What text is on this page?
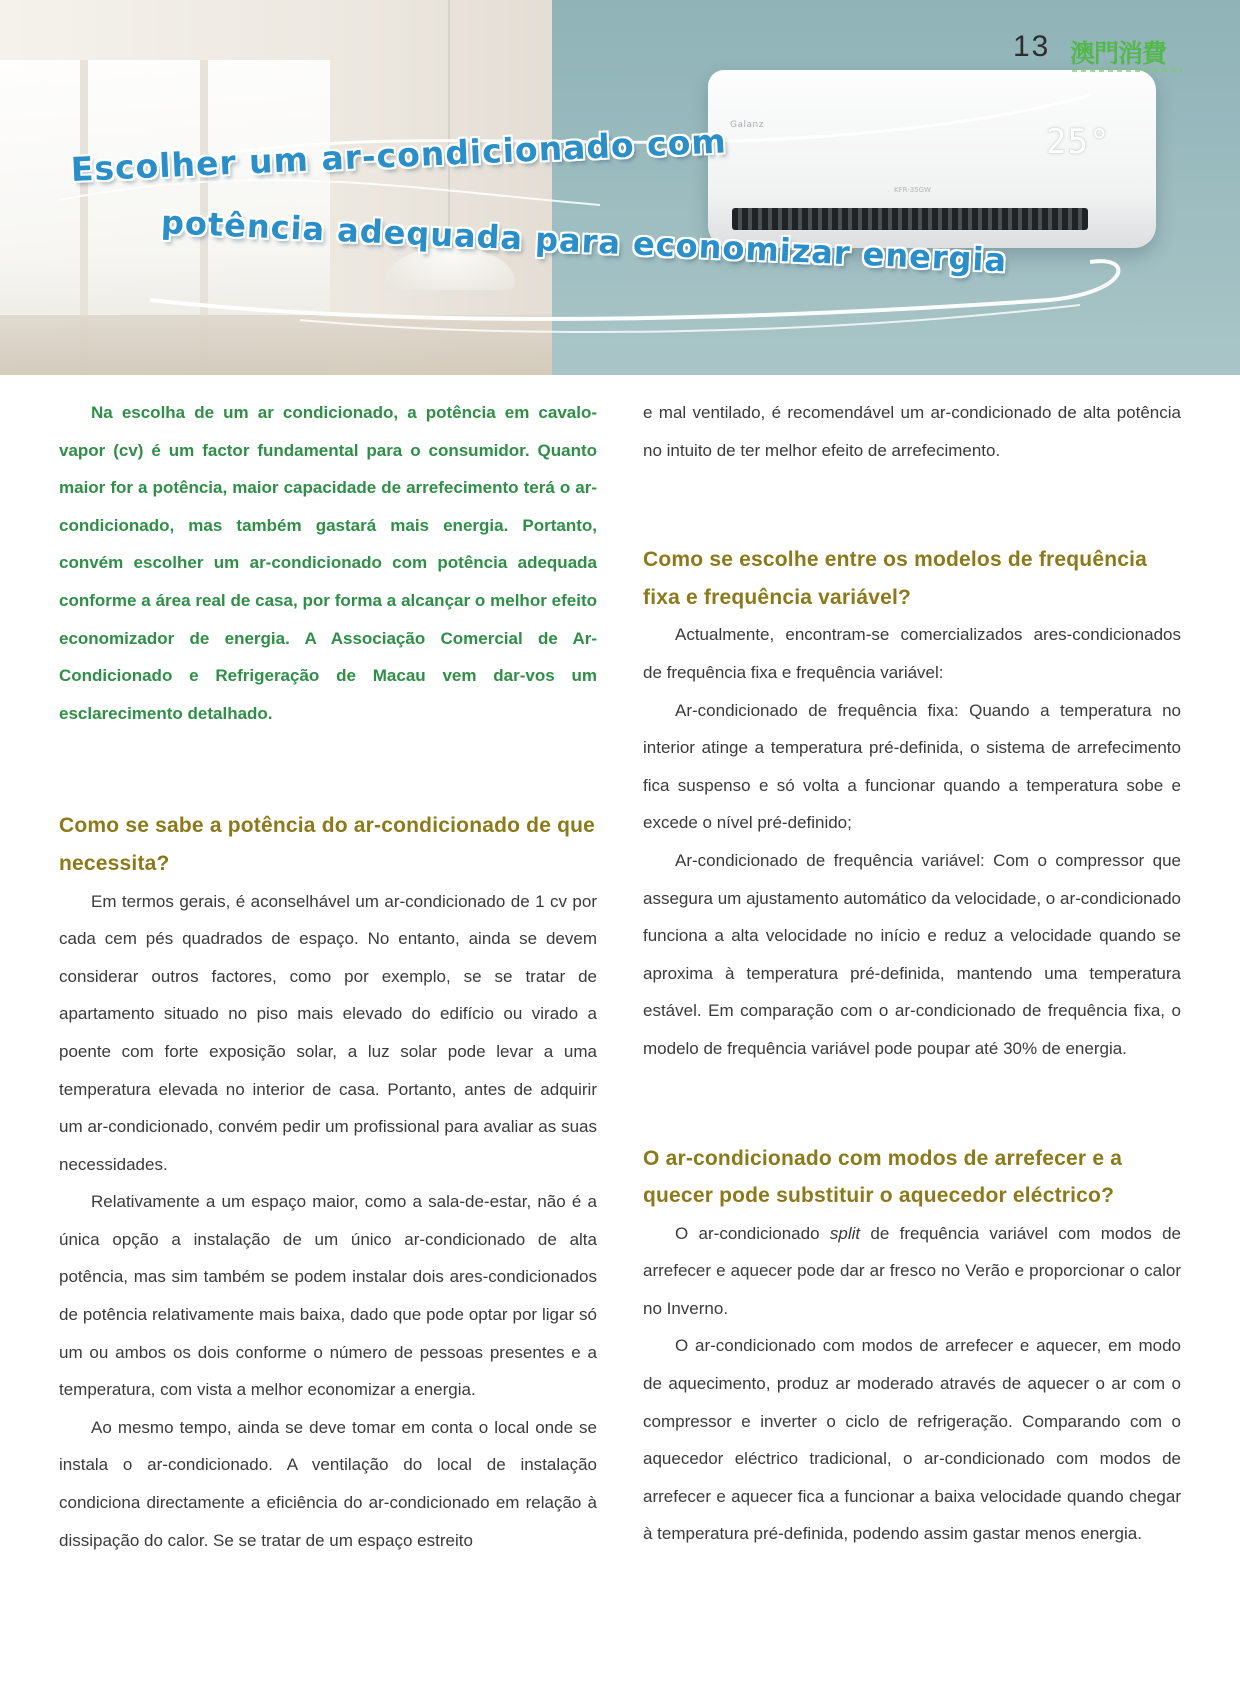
Galanz	25°
KFR-35GW
Escolher um ar-condicionado com
potência adequada para economizar energia
13 澳門消費

Na escolha de um ar condicionado, a potência em cavalo-vapor (cv) é um factor fundamental para o consumidor. Quanto maior for a potência, maior capacidade de arrefecimento terá o ar-condicionado, mas também gastará mais energia. Portanto, convém escolher um ar-condicionado com potência adequada conforme a área real de casa, por forma a alcançar o melhor efeito economizador de energia. A Associação Comercial de Ar-Condicionado e Refrigeração de Macau vem dar-vos um esclarecimento detalhado.

Como se sabe a potência do ar-condicionado de que necessita?

Em termos gerais, é aconselhável um ar-condicionado de 1 cv por cada cem pés quadrados de espaço. No entanto, ainda se devem considerar outros factores, como por exemplo, se se tratar de apartamento situado no piso mais elevado do edifício ou virado a poente com forte exposição solar, a luz solar pode levar a uma temperatura elevada no interior de casa. Portanto, antes de adquirir um ar-condicionado, convém pedir um profissional para avaliar as suas necessidades.

Relativamente a um espaço maior, como a sala-de-estar, não é a única opção a instalação de um único ar-condicionado de alta potência, mas sim também se podem instalar dois ares-condicionados de potência relativamente mais baixa, dado que pode optar por ligar só um ou ambos os dois conforme o número de pessoas presentes e a temperatura, com vista a melhor economizar a energia.

Ao mesmo tempo, ainda se deve tomar em conta o local onde se instala o ar-condicionado. A ventilação do local de instalação condiciona directamente a eficiência do ar-condicionado em relação à dissipação do calor. Se se tratar de um espaço estreito

e mal ventilado, é recomendável um ar-condicionado de alta potência no intuito de ter melhor efeito de arrefecimento.

Como se escolhe entre os modelos de frequência fixa e frequência variável?

Actualmente, encontram-se comercializados ares-condicionados de frequência fixa e frequência variável:

Ar-condicionado de frequência fixa: Quando a temperatura no interior atinge a temperatura pré-definida, o sistema de arrefecimento fica suspenso e só volta a funcionar quando a temperatura sobe e excede o nível pré-definido;

Ar-condicionado de frequência variável: Com o compressor que assegura um ajustamento automático da velocidade, o ar-condicionado funciona a alta velocidade no início e reduz a velocidade quando se aproxima à temperatura pré-definida, mantendo uma temperatura estável. Em comparação com o ar-condicionado de frequência fixa, o modelo de frequência variável pode poupar até 30% de energia.

O ar-condicionado com modos de arrefecer e a quecer pode substituir o aquecedor eléctrico?

O ar-condicionado split de frequência variável com modos de arrefecer e aquecer pode dar ar fresco no Verão e proporcionar o calor no Inverno.

O ar-condicionado com modos de arrefecer e aquecer, em modo de aquecimento, produz ar moderado através de aquecer o ar com o compressor e inverter o ciclo de refrigeração. Comparando com o aquecedor eléctrico tradicional, o ar-condicionado com modos de arrefecer e aquecer fica a funcionar a baixa velocidade quando chegar à temperatura pré-definida, podendo assim gastar menos energia.
